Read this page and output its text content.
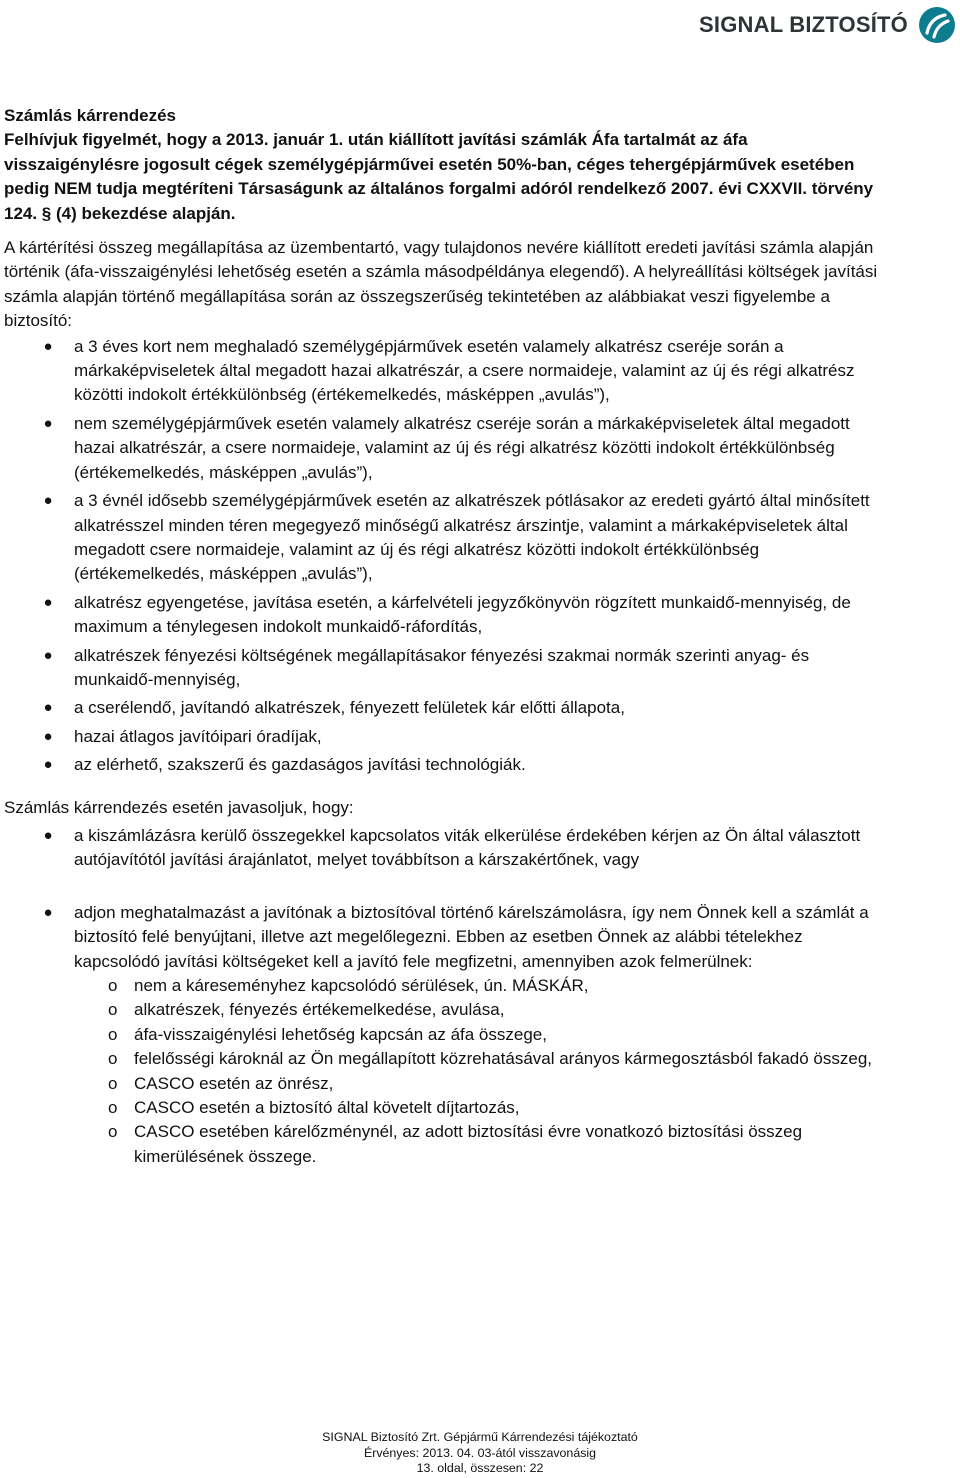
SIGNAL BIZTOSÍTÓ

Számlás kárrendezés

Felhívjuk figyelmét, hogy a 2013. január 1. után kiállított javítási számlák Áfa tartalmát az áfa visszaigénylésre jogosult cégek személygépjárművei esetén 50%-ban, céges tehergépjárművek esetében pedig NEM tudja megtéríteni Társaságunk az általános forgalmi adóról rendelkező 2007. évi CXXVII. törvény 124. § (4) bekezdése alapján.

A kártérítési összeg megállapítása az üzembentartó, vagy tulajdonos nevére kiállított eredeti javítási számla alapján történik (áfa-visszaigénylési lehetőség esetén a számla másodpéldánya elegendő). A helyreállítási költségek javítási számla alapján történő megállapítása során az összegszerűség tekintetében az alábbiakat veszi figyelembe a biztosító:

●	a 3 éves kort nem meghaladó személygépjárművek esetén valamely alkatrész cseréje során a márkaképviseletek által megadott hazai alkatrészár, a csere normaideje, valamint az új és régi alkatrész közötti indokolt értékkülönbség (értékemelkedés, másképpen „avulás”),
●	nem személygépjárművek esetén valamely alkatrész cseréje során a márkaképviseletek által megadott hazai alkatrészár, a csere normaideje, valamint az új és régi alkatrész közötti indokolt értékkülönbség (értékemelkedés, másképpen „avulás”),
●	a 3 évnél idősebb személygépjárművek esetén az alkatrészek pótlásakor az eredeti gyártó által minősített alkatrésszel minden téren megegyező minőségű alkatrész árszintje, valamint a márkaképviseletek által megadott csere normaideje, valamint az új és régi alkatrész közötti indokolt értékkülönbség (értékemelkedés, másképpen „avulás”),
●	alkatrész egyengetése, javítása esetén, a kárfelvételi jegyzőkönyvön rögzített munkaidő-mennyiség, de maximum a ténylegesen indokolt munkaidő-ráfordítás,
●	alkatrészek fényezési költségének megállapításakor fényezési szakmai normák szerinti anyag- és munkaidő-mennyiség,
●	a cserélendő, javítandó alkatrészek, fényezett felületek kár előtti állapota,
●	hazai átlagos javítóipari óradíjak,
●	az elérhető, szakszerű és gazdaságos javítási technológiák.

Számlás kárrendezés esetén javasoljuk, hogy:

●	a kiszámlázásra kerülő összegekkel kapcsolatos viták elkerülése érdekében kérjen az Ön által választott autójavítótól javítási árajánlatot, melyet továbbítson a kárszakértőnek, vagy
●	adjon meghatalmazást a javítónak a biztosítóval történő kárelszámolásra, így nem Önnek kell a számlát a biztosító felé benyújtani, illetve azt megelőlegezni. Ebben az esetben Önnek az alábbi tételekhez kapcsolódó javítási költségeket kell a javító fele megfizetni, amennyiben azok felmerülnek:
o nem a káreseményhez kapcsolódó sérülések, ún. MÁSKÁR,
o alkatrészek, fényezés értékemelkedése, avulása,
o áfa-visszaigénylési lehetőség kapcsán az áfa összege,
o felelősségi károknál az Ön megállapított közrehatásával arányos kármegosztásból fakadó összeg,
o CASCO esetén az önrész,
o CASCO esetén a biztosító által követelt díjtartozás,
o CASCO esetében kárelőzménynél, az adott biztosítási évre vonatkozó biztosítási összeg kimerülésének összege.
SIGNAL Biztosító Zrt. Gépjármű Kárrendezési tájékoztató
Érvényes: 2013. 04. 03-ától visszavonásig
13. oldal, összesen: 22
